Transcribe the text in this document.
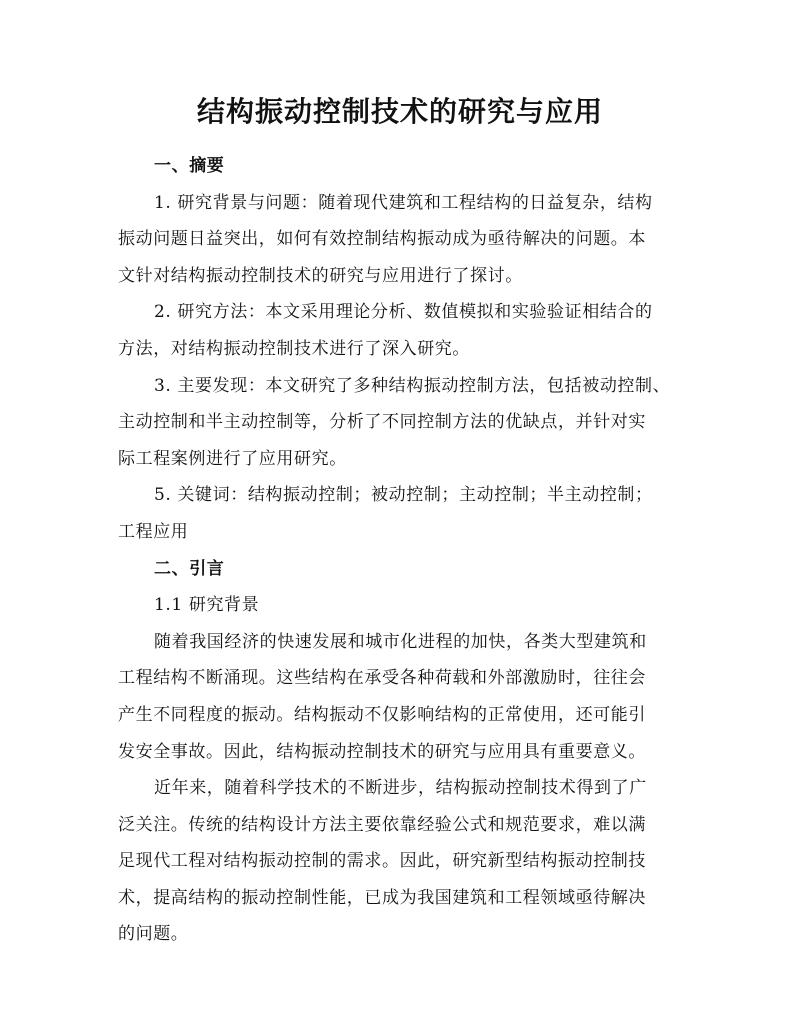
结构振动控制技术的研究与应用
一、摘要
1. 研究背景与问题：随着现代建筑和工程结构的日益复杂，结构
振动问题日益突出，如何有效控制结构振动成为亟待解决的问题。本
文针对结构振动控制技术的研究与应用进行了探讨。
2. 研究方法：本文采用理论分析、数值模拟和实验验证相结合的
方法，对结构振动控制技术进行了深入研究。
3. 主要发现：本文研究了多种结构振动控制方法，包括被动控制、
主动控制和半主动控制等，分析了不同控制方法的优缺点，并针对实
际工程案例进行了应用研究。
5. 关键词：结构振动控制；被动控制；主动控制；半主动控制；
工程应用
二、引言
1.1 研究背景
随着我国经济的快速发展和城市化进程的加快，各类大型建筑和
工程结构不断涌现。这些结构在承受各种荷载和外部激励时，往往会
产生不同程度的振动。结构振动不仅影响结构的正常使用，还可能引
发安全事故。因此，结构振动控制技术的研究与应用具有重要意义。
近年来，随着科学技术的不断进步，结构振动控制技术得到了广
泛关注。传统的结构设计方法主要依靠经验公式和规范要求，难以满
足现代工程对结构振动控制的需求。因此，研究新型结构振动控制技
术，提高结构的振动控制性能，已成为我国建筑和工程领域亟待解决
的问题。
